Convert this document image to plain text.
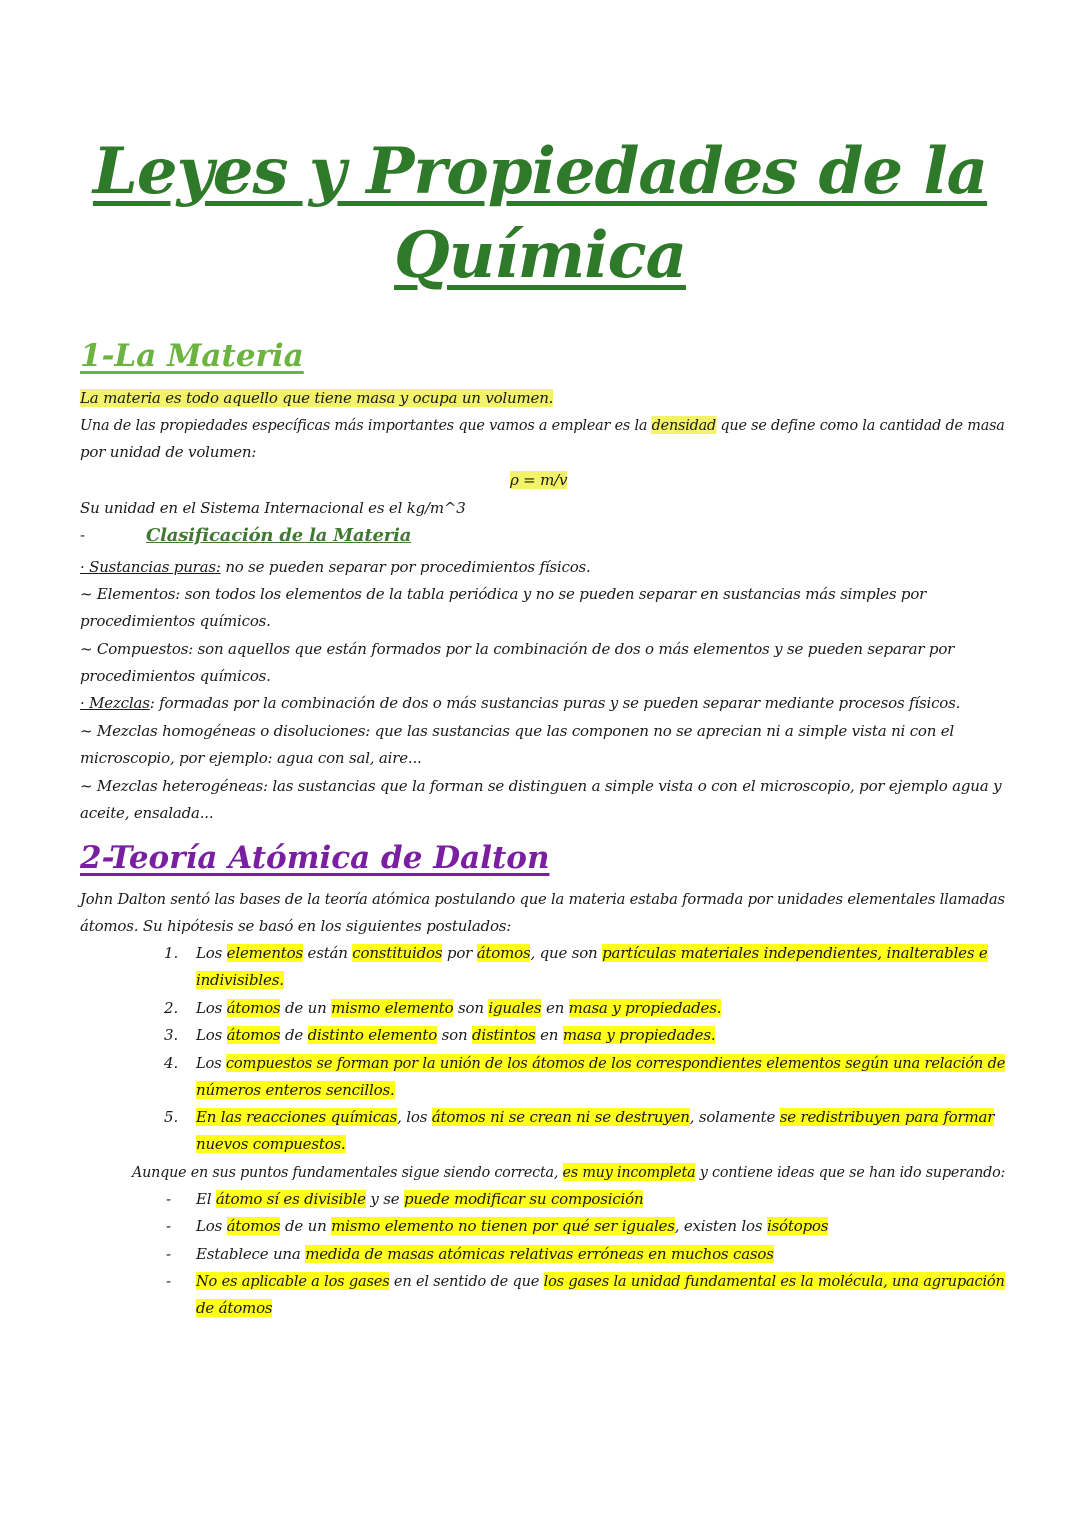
Leyes y Propiedades de la
Química
1-La Materia
La materia es todo aquello que tiene masa y ocupa un volumen.
Una de las propiedades específicas más importantes que vamos a emplear es la densidad que se define como la cantidad de masa
por unidad de volumen:
ρ = m/v
Su unidad en el Sistema Internacional es el kg/m^3
-	Clasificación de la Materia
· Sustancias puras: no se pueden separar por procedimientos físicos.
~ Elementos: son todos los elementos de la tabla periódica y no se pueden separar en sustancias más simples por
procedimientos químicos.
~ Compuestos: son aquellos que están formados por la combinación de dos o más elementos y se pueden separar por
procedimientos químicos.
· Mezclas: formadas por la combinación de dos o más sustancias puras y se pueden separar mediante procesos físicos.
~ Mezclas homogéneas o disoluciones: que las sustancias que las componen no se aprecian ni a simple vista ni con el
microscopio, por ejemplo: agua con sal, aire...
~ Mezclas heterogéneas: las sustancias que la forman se distinguen a simple vista o con el microscopio, por ejemplo agua y
aceite, ensalada...
2-Teoría Atómica de Dalton
John Dalton sentó las bases de la teoría atómica postulando que la materia estaba formada por unidades elementales llamadas
átomos. Su hipótesis se basó en los siguientes postulados:
1. Los elementos están constituidos por átomos, que son partículas materiales independientes, inalterables e
indivisibles.
2. Los átomos de un mismo elemento son iguales en masa y propiedades.
3. Los átomos de distinto elemento son distintos en masa y propiedades.
4. Los compuestos se forman por la unión de los átomos de los correspondientes elementos según una relación de
números enteros sencillos.
5. En las reacciones químicas, los átomos ni se crean ni se destruyen, solamente se redistribuyen para formar
nuevos compuestos.
Aunque en sus puntos fundamentales sigue siendo correcta, es muy incompleta y contiene ideas que se han ido superando:
- El átomo sí es divisible y se puede modificar su composición
- Los átomos de un mismo elemento no tienen por qué ser iguales, existen los isótopos
- Establece una medida de masas atómicas relativas erróneas en muchos casos
- No es aplicable a los gases en el sentido de que los gases la unidad fundamental es la molécula, una agrupación
de átomos
